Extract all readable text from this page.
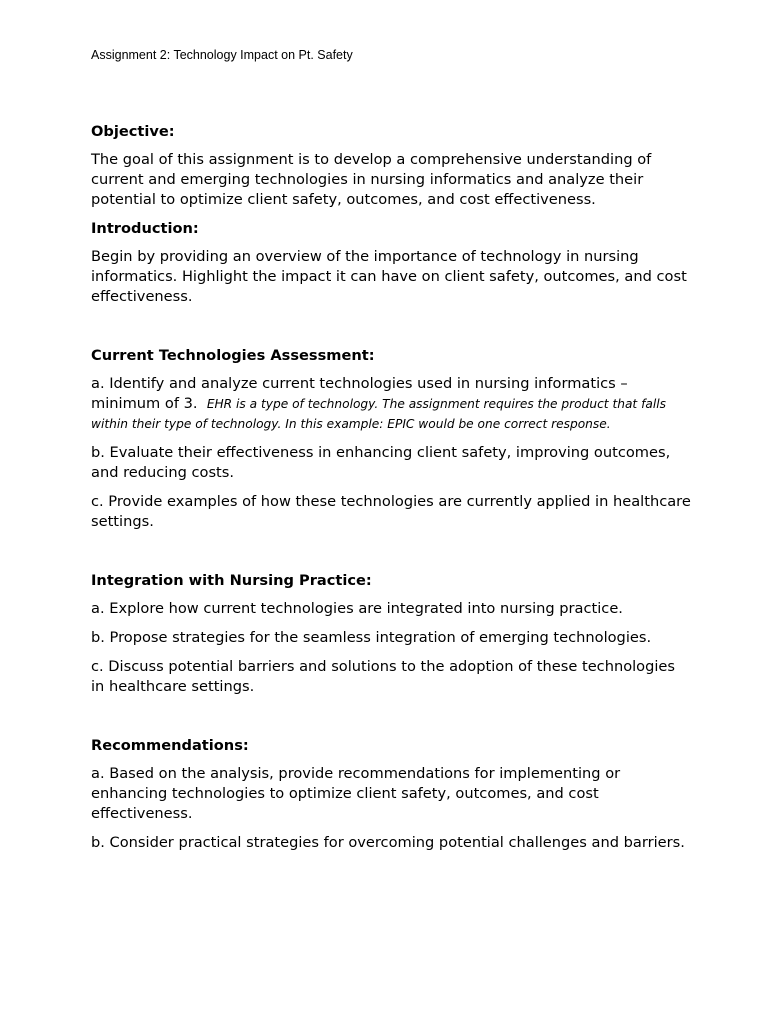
Assignment 2: Technology Impact on Pt. Safety

Objective:

The goal of this assignment is to develop a comprehensive understanding of current and emerging technologies in nursing informatics and analyze their potential to optimize client safety, outcomes, and cost effectiveness.

Introduction:

Begin by providing an overview of the importance of technology in nursing informatics. Highlight the impact it can have on client safety, outcomes, and cost effectiveness.

Current Technologies Assessment:

a. Identify and analyze current technologies used in nursing informatics – minimum of 3. EHR is a type of technology. The assignment requires the product that falls within their type of technology. In this example: EPIC would be one correct response.

b. Evaluate their effectiveness in enhancing client safety, improving outcomes, and reducing costs.

c. Provide examples of how these technologies are currently applied in healthcare settings.

Integration with Nursing Practice:

a. Explore how current technologies are integrated into nursing practice.

b. Propose strategies for the seamless integration of emerging technologies.

c. Discuss potential barriers and solutions to the adoption of these technologies in healthcare settings.

Recommendations:

a. Based on the analysis, provide recommendations for implementing or enhancing technologies to optimize client safety, outcomes, and cost effectiveness.

b. Consider practical strategies for overcoming potential challenges and barriers.
